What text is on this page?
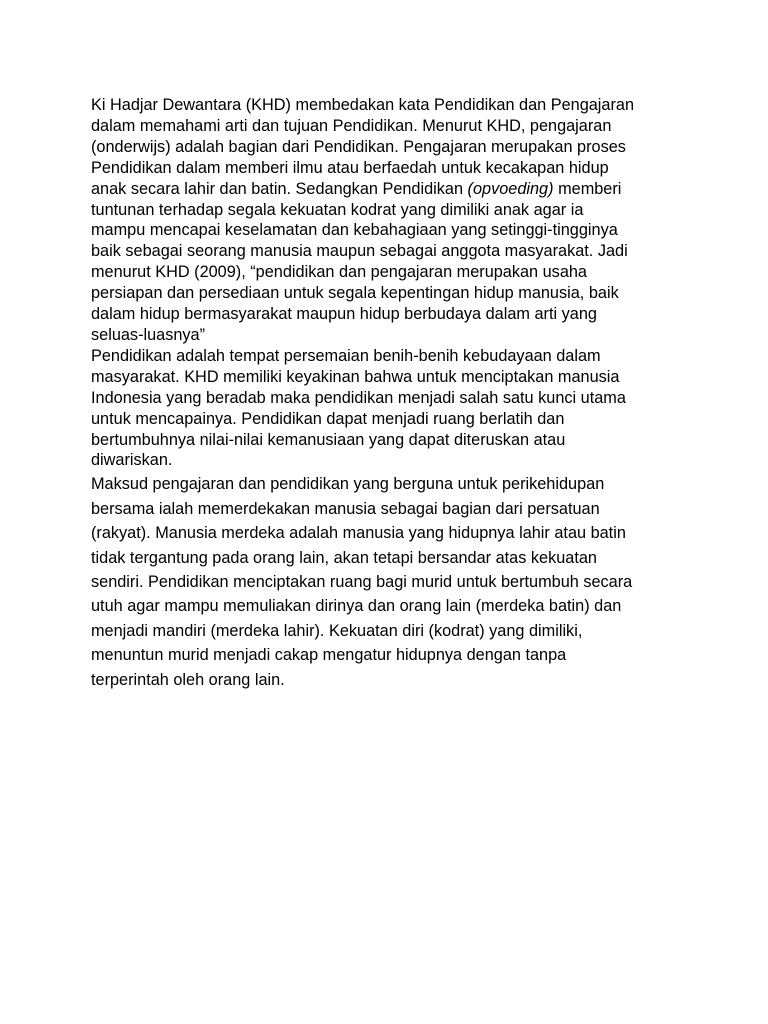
Ki Hadjar Dewantara (KHD) membedakan kata Pendidikan dan Pengajaran
dalam memahami arti dan tujuan Pendidikan. Menurut KHD, pengajaran
(onderwijs) adalah bagian dari Pendidikan. Pengajaran merupakan proses
Pendidikan dalam memberi ilmu atau berfaedah untuk kecakapan hidup
anak secara lahir dan batin. Sedangkan Pendidikan (opvoeding) memberi
tuntunan terhadap segala kekuatan kodrat yang dimiliki anak agar ia
mampu mencapai keselamatan dan kebahagiaan yang setinggi-tingginya
baik sebagai seorang manusia maupun sebagai anggota masyarakat. Jadi
menurut KHD (2009), “pendidikan dan pengajaran merupakan usaha
persiapan dan persediaan untuk segala kepentingan hidup manusia, baik
dalam hidup bermasyarakat maupun hidup berbudaya dalam arti yang
seluas-luasnya”

Pendidikan adalah tempat persemaian benih-benih kebudayaan dalam
masyarakat. KHD memiliki keyakinan bahwa untuk menciptakan manusia
Indonesia yang beradab maka pendidikan menjadi salah satu kunci utama
untuk mencapainya. Pendidikan dapat menjadi ruang berlatih dan
bertumbuhnya nilai-nilai kemanusiaan yang dapat diteruskan atau
diwariskan.

Maksud pengajaran dan pendidikan yang berguna untuk perikehidupan
bersama ialah memerdekakan manusia sebagai bagian dari persatuan
(rakyat). Manusia merdeka adalah manusia yang hidupnya lahir atau batin
tidak tergantung pada orang lain, akan tetapi bersandar atas kekuatan
sendiri. Pendidikan menciptakan ruang bagi murid untuk bertumbuh secara
utuh agar mampu memuliakan dirinya dan orang lain (merdeka batin) dan
menjadi mandiri (merdeka lahir). Kekuatan diri (kodrat) yang dimiliki,
menuntun murid menjadi cakap mengatur hidupnya dengan tanpa
terperintah oleh orang lain.
